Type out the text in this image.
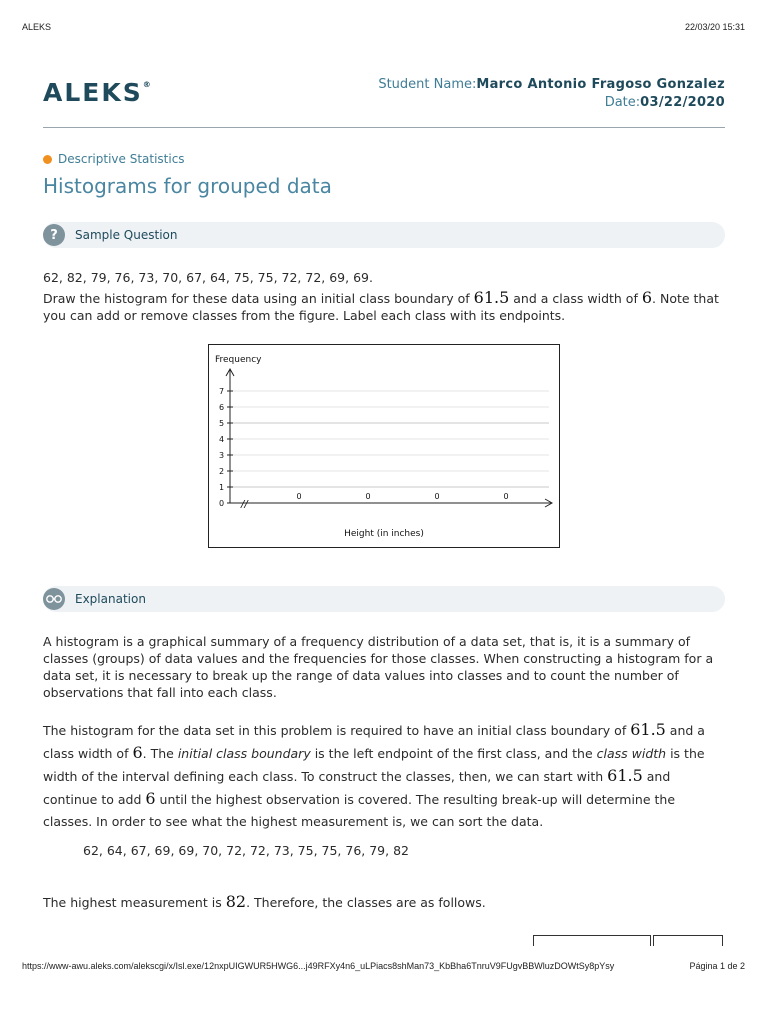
ALEKS	22/03/20 15:31
ALEKS®	Student Name:Marco Antonio Fragoso Gonzalez
Date:03/22/2020
Descriptive Statistics
Histograms for grouped data
?	Sample Question
62, 82, 79, 76, 73, 70, 67, 64, 75, 75, 72, 72, 69, 69.
Draw the histogram for these data using an initial class boundary of 61.5 and a class width of 6. Note that you can add or remove classes from the figure. Label each class with its endpoints.
Frequency
0
1
2
3
4
5
6
7
//
0	0	0	0
Height (in inches)
Explanation
A histogram is a graphical summary of a frequency distribution of a data set, that is, it is a summary of classes (groups) of data values and the frequencies for those classes. When constructing a histogram for a data set, it is necessary to break up the range of data values into classes and to count the number of observations that fall into each class.
The histogram for the data set in this problem is required to have an initial class boundary of 61.5 and a class width of 6. The initial class boundary is the left endpoint of the first class, and the class width is the width of the interval defining each class. To construct the classes, then, we can start with 61.5 and continue to add 6 until the highest observation is covered. The resulting break-up will determine the classes. In order to see what the highest measurement is, we can sort the data.
62, 64, 67, 69, 69, 70, 72, 72, 73, 75, 75, 76, 79, 82
The highest measurement is 82. Therefore, the classes are as follows.
https://www-awu.aleks.com/alekscgi/x/Isl.exe/12nxpUIGWUR5HWG6...j49RFXy4n6_uLPiacs8shMan73_KbBha6TnruV9FUgvBBWluzDOWtSy8pYsy	Página 1 de 2
